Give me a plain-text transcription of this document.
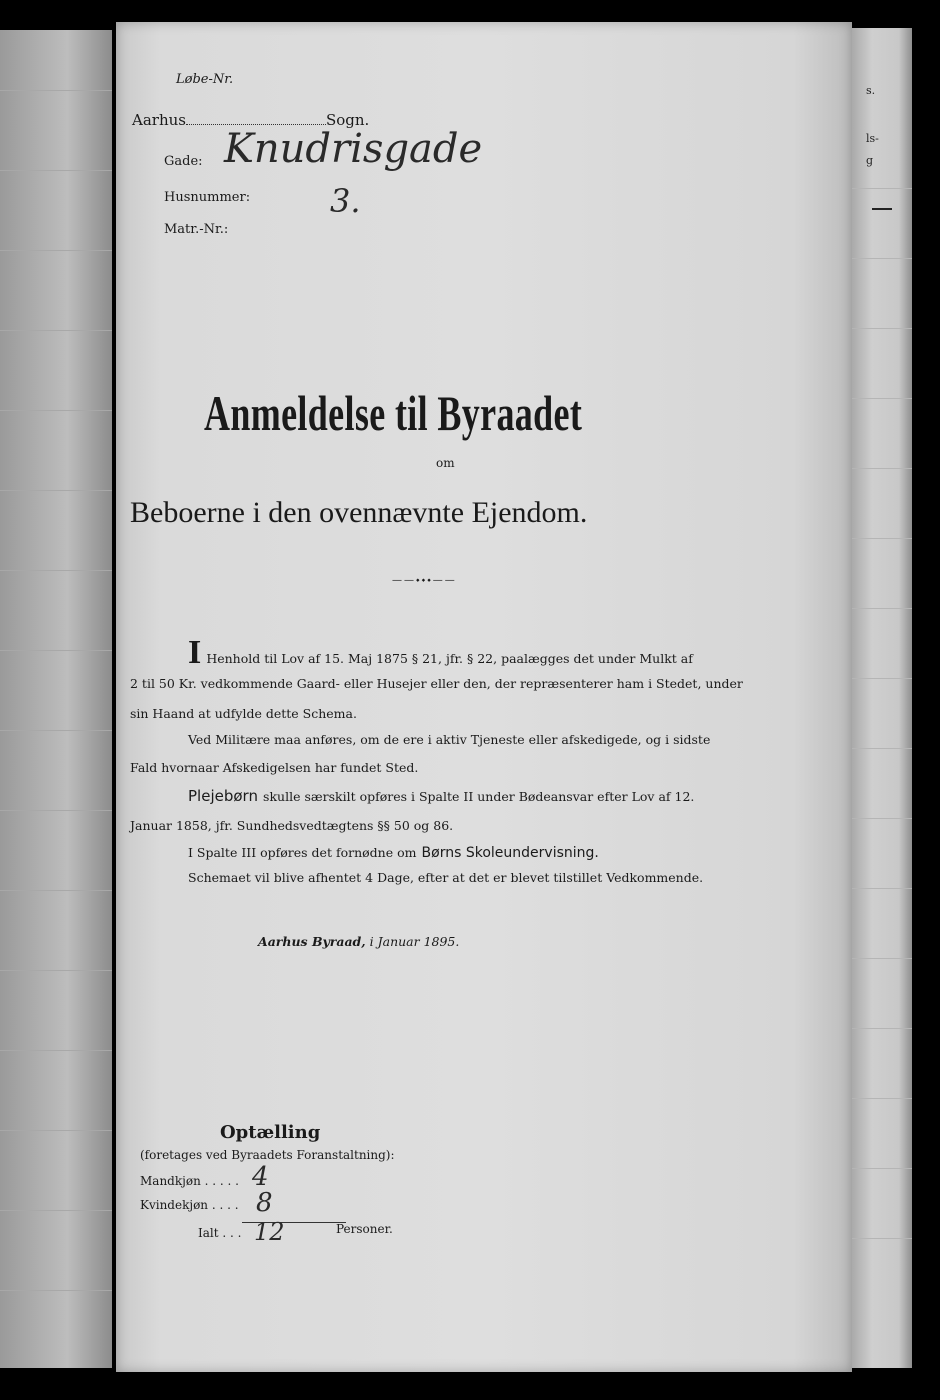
s.
ls-
g
Løbe-Nr.
Aarhus	Sogn.
Gade: Knudrisgade
Husnummer: 3.
Matr.-Nr.:
Anmeldelse til Byraadet
om
Beboerne i den ovennævnte Ejendom.
——⬩⬩⬩——
I Henhold til Lov af 15. Maj 1875 § 21, jfr. § 22, paalægges det under Mulkt af
2 til 50 Kr. vedkommende Gaard- eller Husejer eller den, der repræsenterer ham i Stedet, under
sin Haand at udfylde dette Schema.
Ved Militære maa anføres, om de ere i aktiv Tjeneste eller afskedigede, og i sidste
Fald hvornaar Afskedigelsen har fundet Sted.
Plejebørn skulle særskilt opføres i Spalte II under Bødeansvar efter Lov af 12.
Januar 1858, jfr. Sundhedsvedtægtens §§ 50 og 86.
I Spalte III opføres det fornødne om Børns Skoleundervisning.
Schemaet vil blive afhentet 4 Dage, efter at det er blevet tilstillet Vedkommende.
Aarhus Byraad, i Januar 1895.
Optælling
(foretages ved Byraadets Foranstaltning):
Mandkjøn . . . . . 4
Kvindekjøn . . . . 8
Ialt . . . 12	Personer.
